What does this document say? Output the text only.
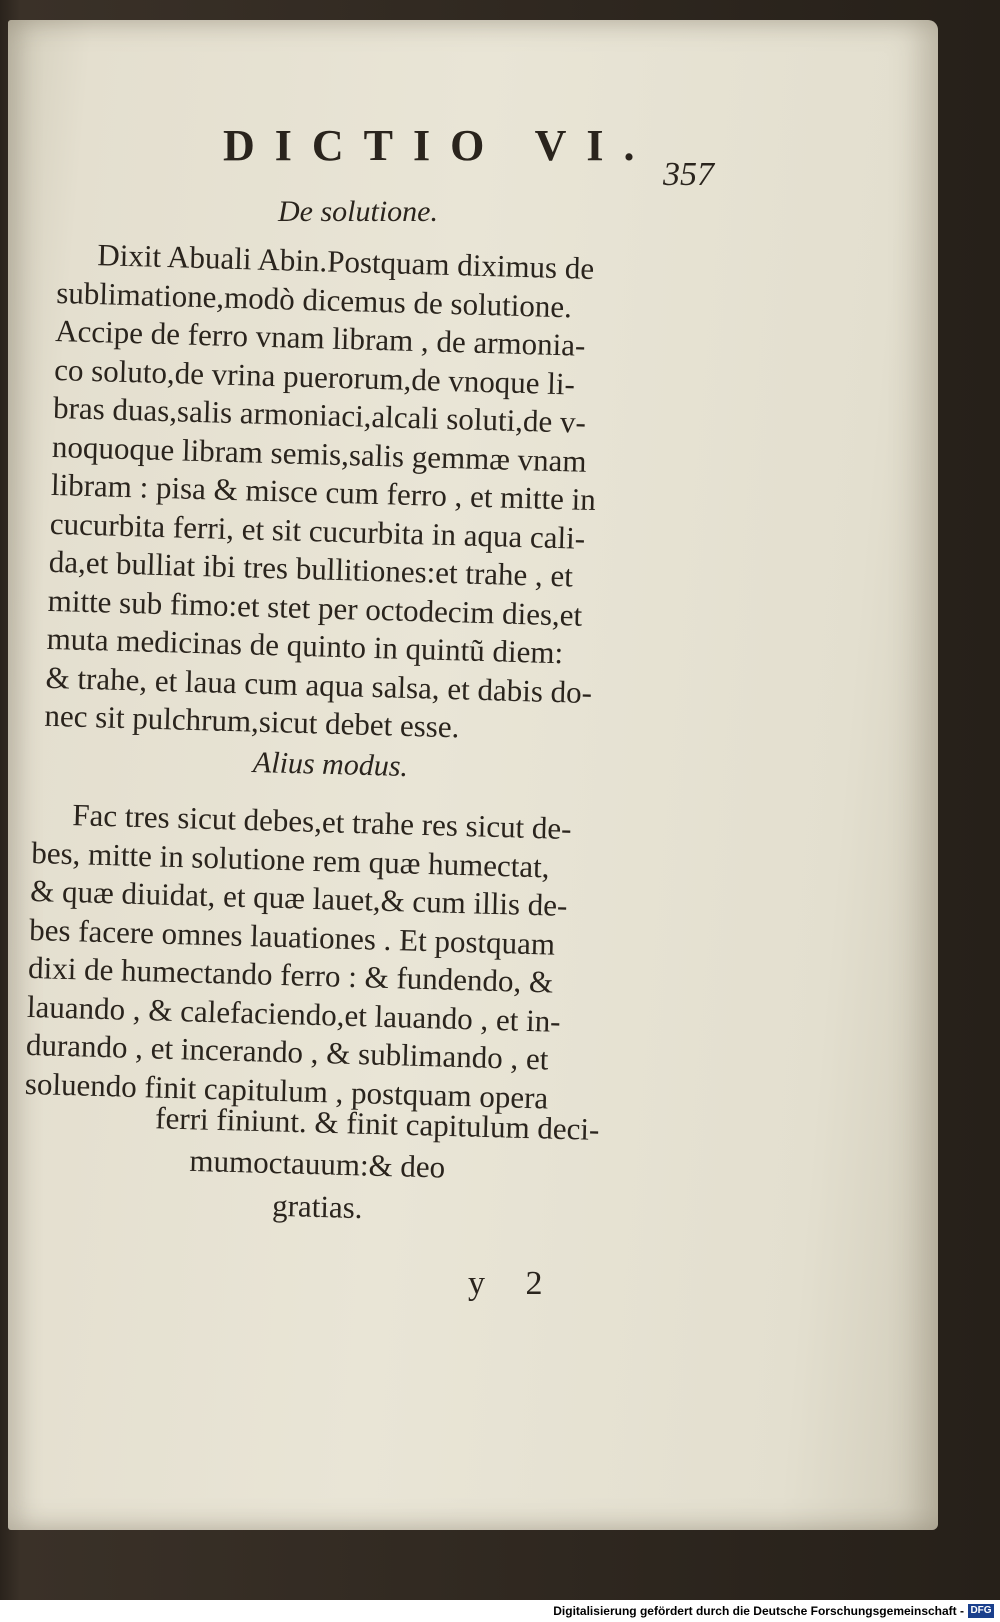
DICTIO VI.
357
De solutione.
Dixit Abuali Abin.Postquam diximus de
sublimatione,modò dicemus de solutione.
Accipe de ferro vnam libram , de armonia-
co soluto,de vrina puerorum,de vnoque li-
bras duas,salis armoniaci,alcali soluti,de v-
noquoque libram semis,salis gemmæ vnam
libram : pisa & misce cum ferro , et mitte in
cucurbita ferri, et sit cucurbita in aqua cali-
da,et bulliat ibi tres bullitiones:et trahe , et
mitte sub fimo:et stet per octodecim dies,et
muta medicinas de quinto in quintũ diem:
& trahe, et laua cum aqua salsa, et dabis do-
nec sit pulchrum,sicut debet esse.
Alius modus.
Fac tres sicut debes,et trahe res sicut de-
bes, mitte in solutione rem quæ humectat,
& quæ diuidat, et quæ lauet,& cum illis de-
bes facere omnes lauationes . Et postquam
dixi de humectando ferro : & fundendo, &
lauando , & calefaciendo,et lauando , et in-
durando , et incerando , & sublimando , et
soluendo finit capitulum , postquam opera
ferri finiunt. & finit capitulum deci-
mumoctauum:& deo
gratias.
y 2
Digitalisierung gefördert durch die Deutsche Forschungsgemeinschaft - DFG
